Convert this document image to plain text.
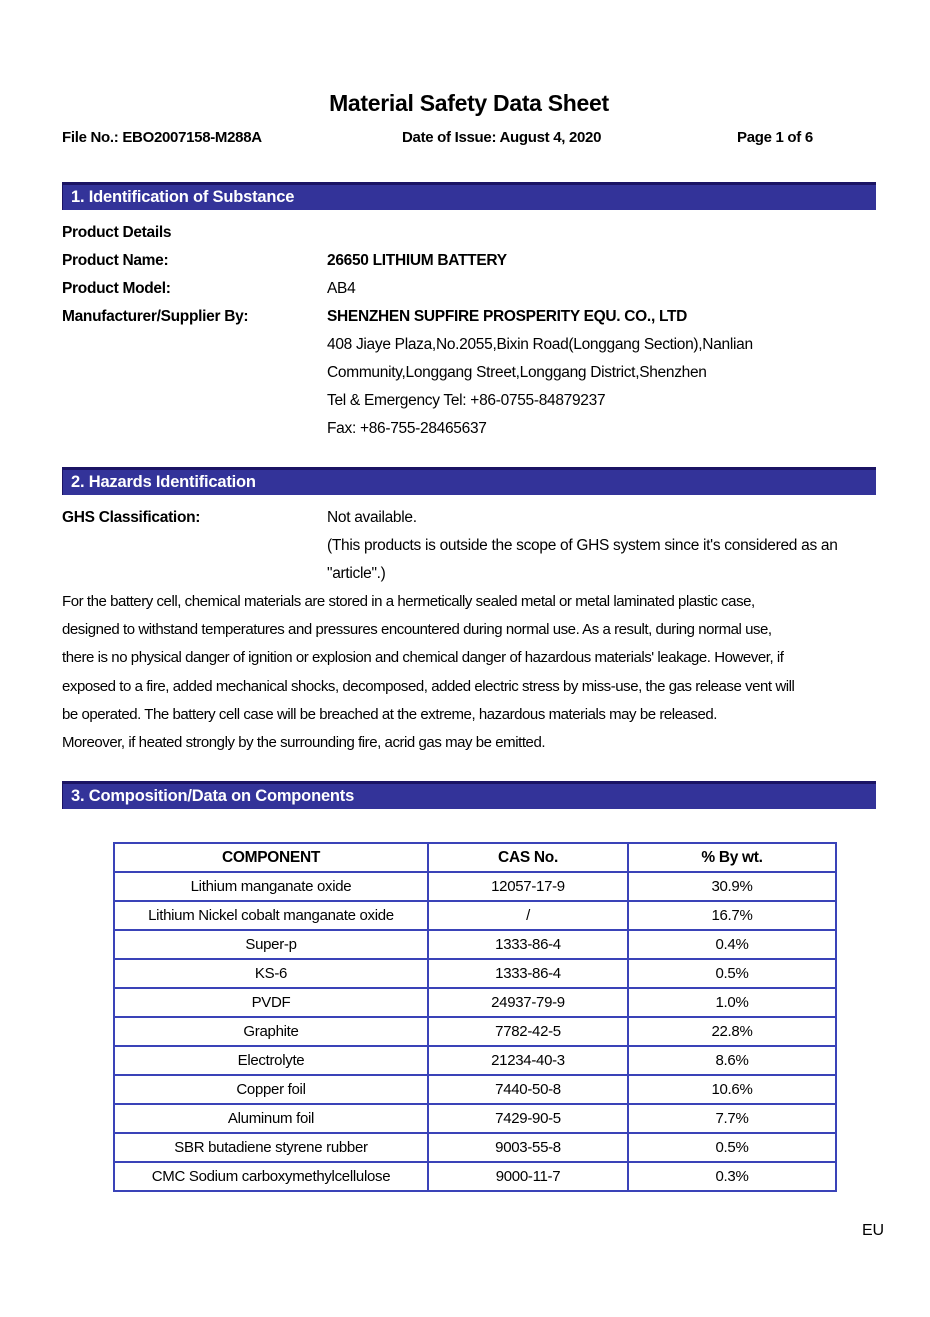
Material Safety Data Sheet
File No.: EBO2007158-M288A	Date of Issue: August 4, 2020	Page 1 of 6
1. Identification of Substance
Product Details
Product Name:	26650 LITHIUM BATTERY
Product Model:	AB4
Manufacturer/Supplier By:	SHENZHEN SUPFIRE PROSPERITY EQU. CO., LTD
408 Jiaye Plaza,No.2055,Bixin Road(Longgang Section),Nanlian
Community,Longgang Street,Longgang District,Shenzhen
Tel & Emergency Tel: +86-0755-84879237
Fax: +86-755-28465637
2. Hazards Identification
GHS Classification:	Not available.
(This products is outside the scope of GHS system since it's considered as an
"article".)
For the battery cell, chemical materials are stored in a hermetically sealed metal or metal laminated plastic case,
designed to withstand temperatures and pressures encountered during normal use. As a result, during normal use,
there is no physical danger of ignition or explosion and chemical danger of hazardous materials' leakage. However, if
exposed to a fire, added mechanical shocks, decomposed, added electric stress by miss-use, the gas release vent will
be operated. The battery cell case will be breached at the extreme, hazardous materials may be released.
Moreover, if heated strongly by the surrounding fire, acrid gas may be emitted.
3. Composition/Data on Components
COMPONENT	CAS No.	% By wt.
Lithium manganate oxide	12057-17-9	30.9%
Lithium Nickel cobalt manganate oxide	/	16.7%
Super-p	1333-86-4	0.4%
KS-6	1333-86-4	0.5%
PVDF	24937-79-9	1.0%
Graphite	7782-42-5	22.8%
Electrolyte	21234-40-3	8.6%
Copper foil	7440-50-8	10.6%
Aluminum foil	7429-90-5	7.7%
SBR butadiene styrene rubber	9003-55-8	0.5%
CMC Sodium carboxymethylcellulose	9000-11-7	0.3%
EU
